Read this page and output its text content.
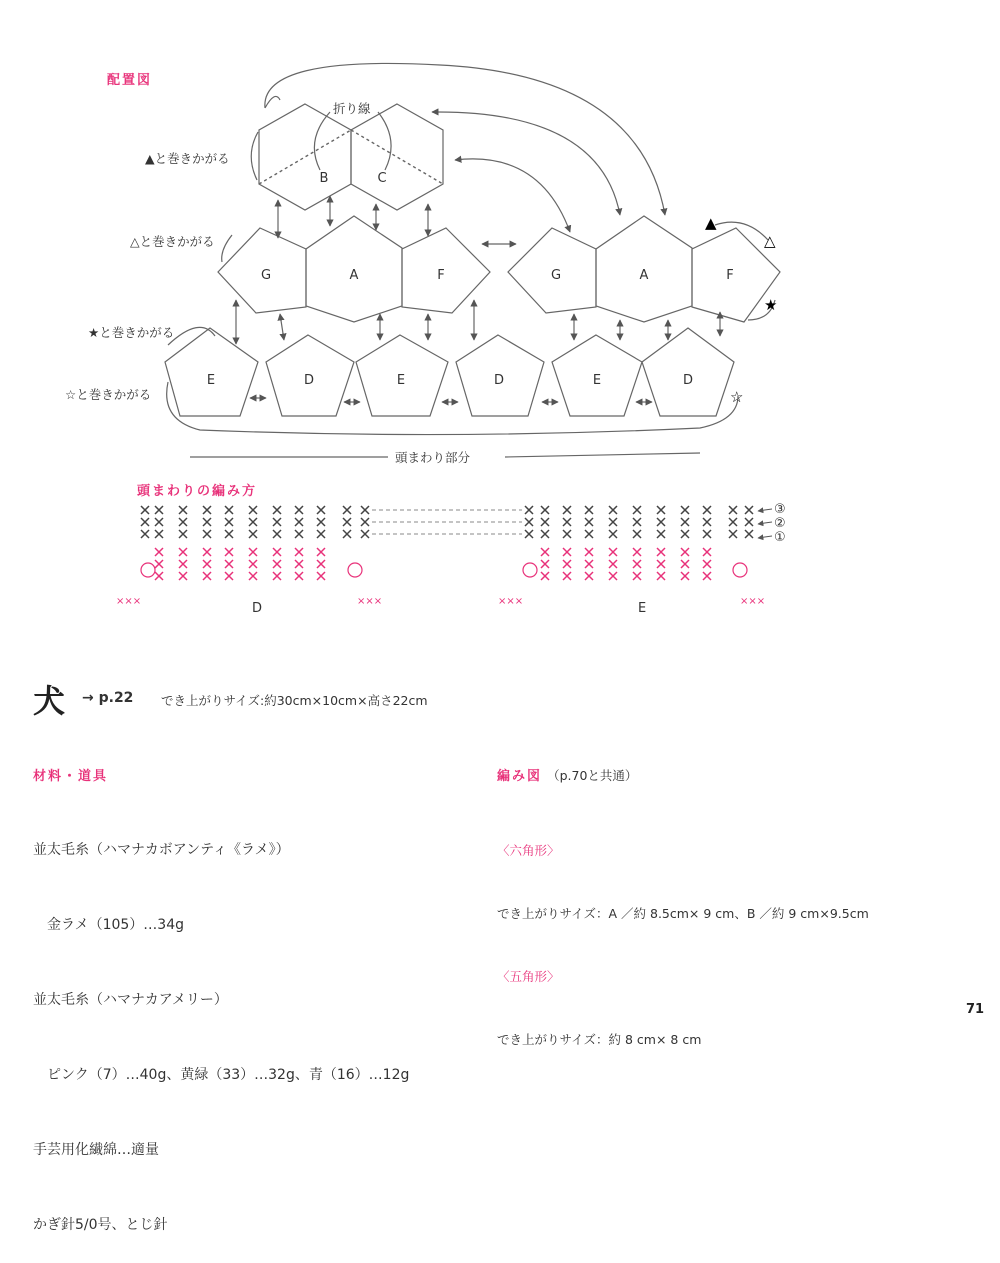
配置図
B	C
G	A	F	G	A	F
E	D	E	D	E	D
折り線
▲と巻きかがる
△と巻きかがる
★と巻きかがる
☆と巻きかがる
頭まわり部分
▲
△
★
☆
③
②
①
D	E
×××	×××	×××	×××
頭まわりの編み方
犬 → p.22 でき上がりサイズ:約30cm×10cm×高さ22cm
材料・道具

並太毛糸（ハマナカボアンティ《ラメ》）

　金ラメ（105）…34g

並太毛糸（ハマナカアメリー）

　ピンク（7）…40g、黄緑（33）…32g、青（16）…12g

手芸用化繊綿…適量

かぎ針5/0号、とじ針

編み図 （p.70と共通）

〈六角形〉

でき上がりサイズ：A ／約 8.5cm× 9 cm、B ／約 9 cm×9.5cm

〈五角形〉

でき上がりサイズ：約 8 cm× 8 cm

71
